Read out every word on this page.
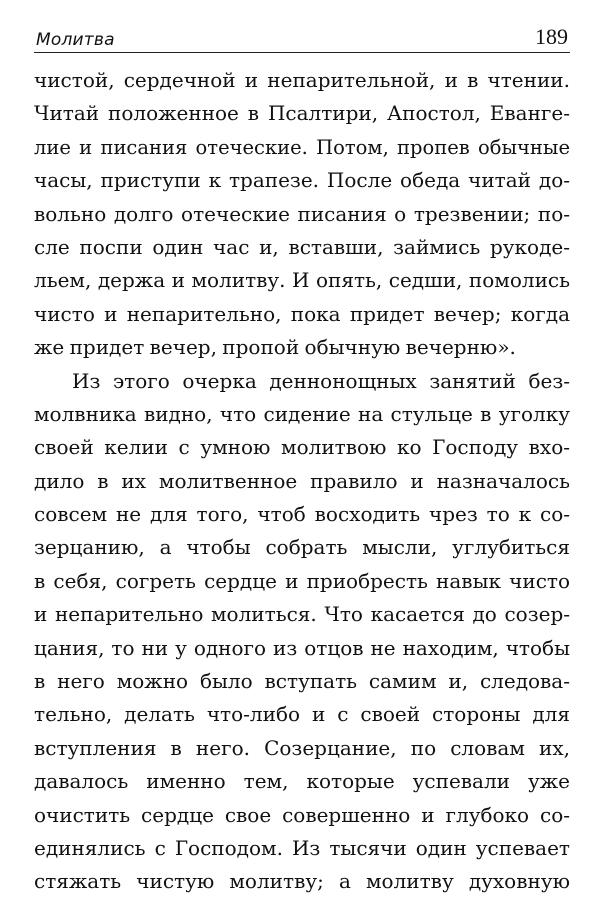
Молитва	189
чистой, сердечной и непарительной, и в чтении.
Читай положенное в Псалтири, Апостол, Еванге-
лие и писания отеческие. Потом, пропев обычные
часы, приступи к трапезе. После обеда читай до-
вольно долго отеческие писания о трезвении; по-
сле поспи один час и, вставши, займись рукоде-
льем, держа и молитву. И опять, седши, помолись
чисто и непарительно, пока придет вечер; когда
же придет вечер, пропой обычную вечерню».
Из этого очерка деннонощных занятий без-
молвника видно, что сидение на стульце в уголку
своей келии с умною молитвою ко Господу вхо-
дило в их молитвенное правило и назначалось
совсем не для того, чтоб восходить чрез то к со-
зерцанию, а чтобы собрать мысли, углубиться
в себя, согреть сердце и приобресть навык чисто
и непарительно молиться. Что касается до созер-
цания, то ни у одного из отцов не находим, чтобы
в него можно было вступать самим и, следова-
тельно, делать что-либо и с своей стороны для
вступления в него. Созерцание, по словам их,
давалось именно тем, которые успевали уже
очистить сердце свое совершенно и глубоко со-
единялись с Господом. Из тысячи один успевает
стяжать чистую молитву; а молитву духовную
